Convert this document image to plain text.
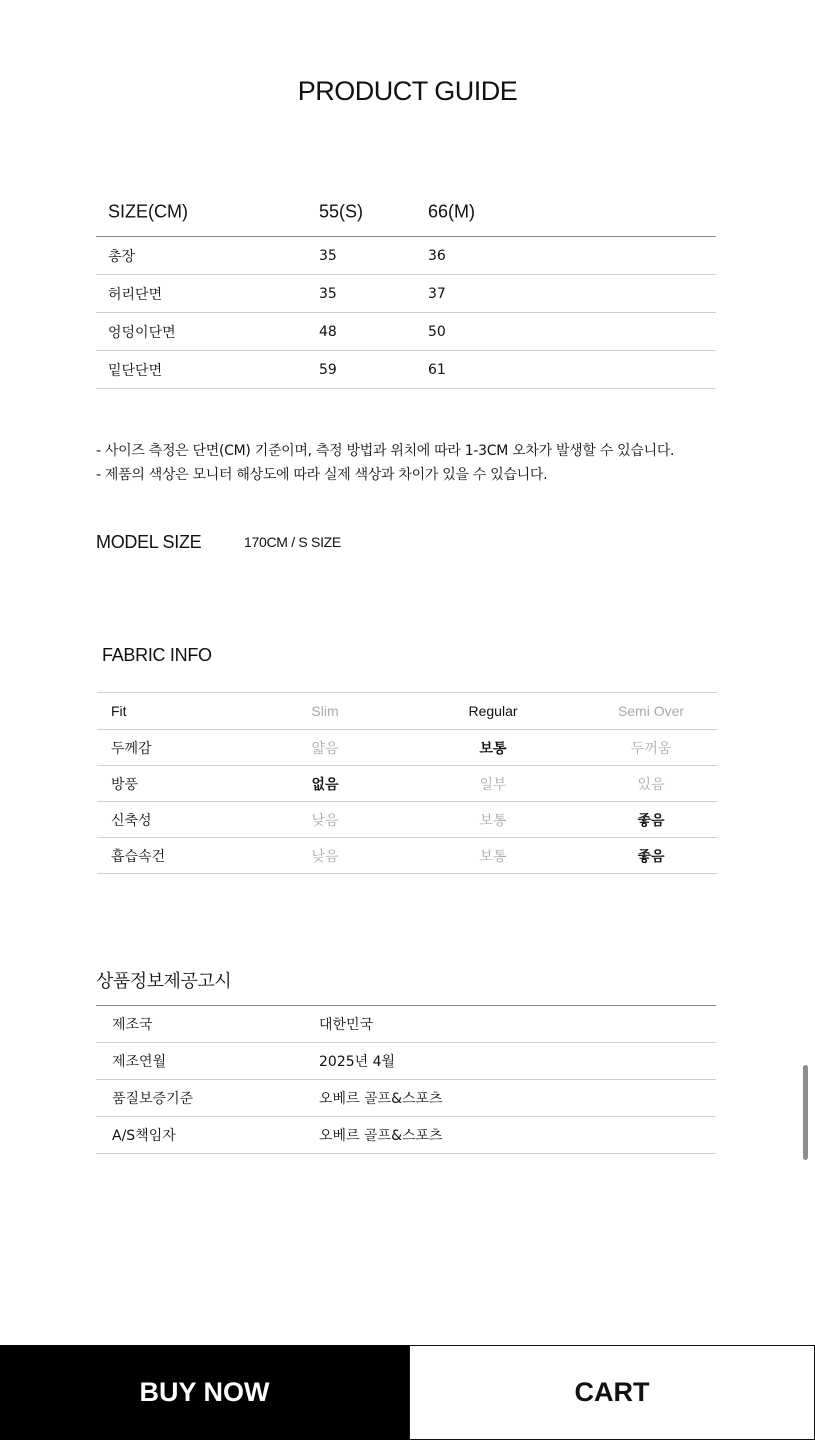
PRODUCT GUIDE
SIZE(CM)	55(S)	66(M)
총장	35	36
허리단면	35	37
엉덩이단면	48	50
밑단단면	59	61
- 사이즈 측정은 단면(CM) 기준이며, 측정 방법과 위치에 따라 1-3CM 오차가 발생할 수 있습니다.
- 제품의 색상은 모니터 해상도에 따라 실제 색상과 차이가 있을 수 있습니다.
MODEL SIZE	170CM / S SIZE
FABRIC INFO
Fit	Slim	Regular	Semi Over
두께감	얇음	보통	두꺼움
방풍	없음	일부	있음
신축성	낮음	보통	좋음
흡습속건	낮음	보통	좋음
상품정보제공고시
제조국	대한민국
제조연월	2025년 4월
품질보증기준	오베르 골프&스포츠
A/S책임자	오베르 골프&스포츠
BUY NOW	CART
